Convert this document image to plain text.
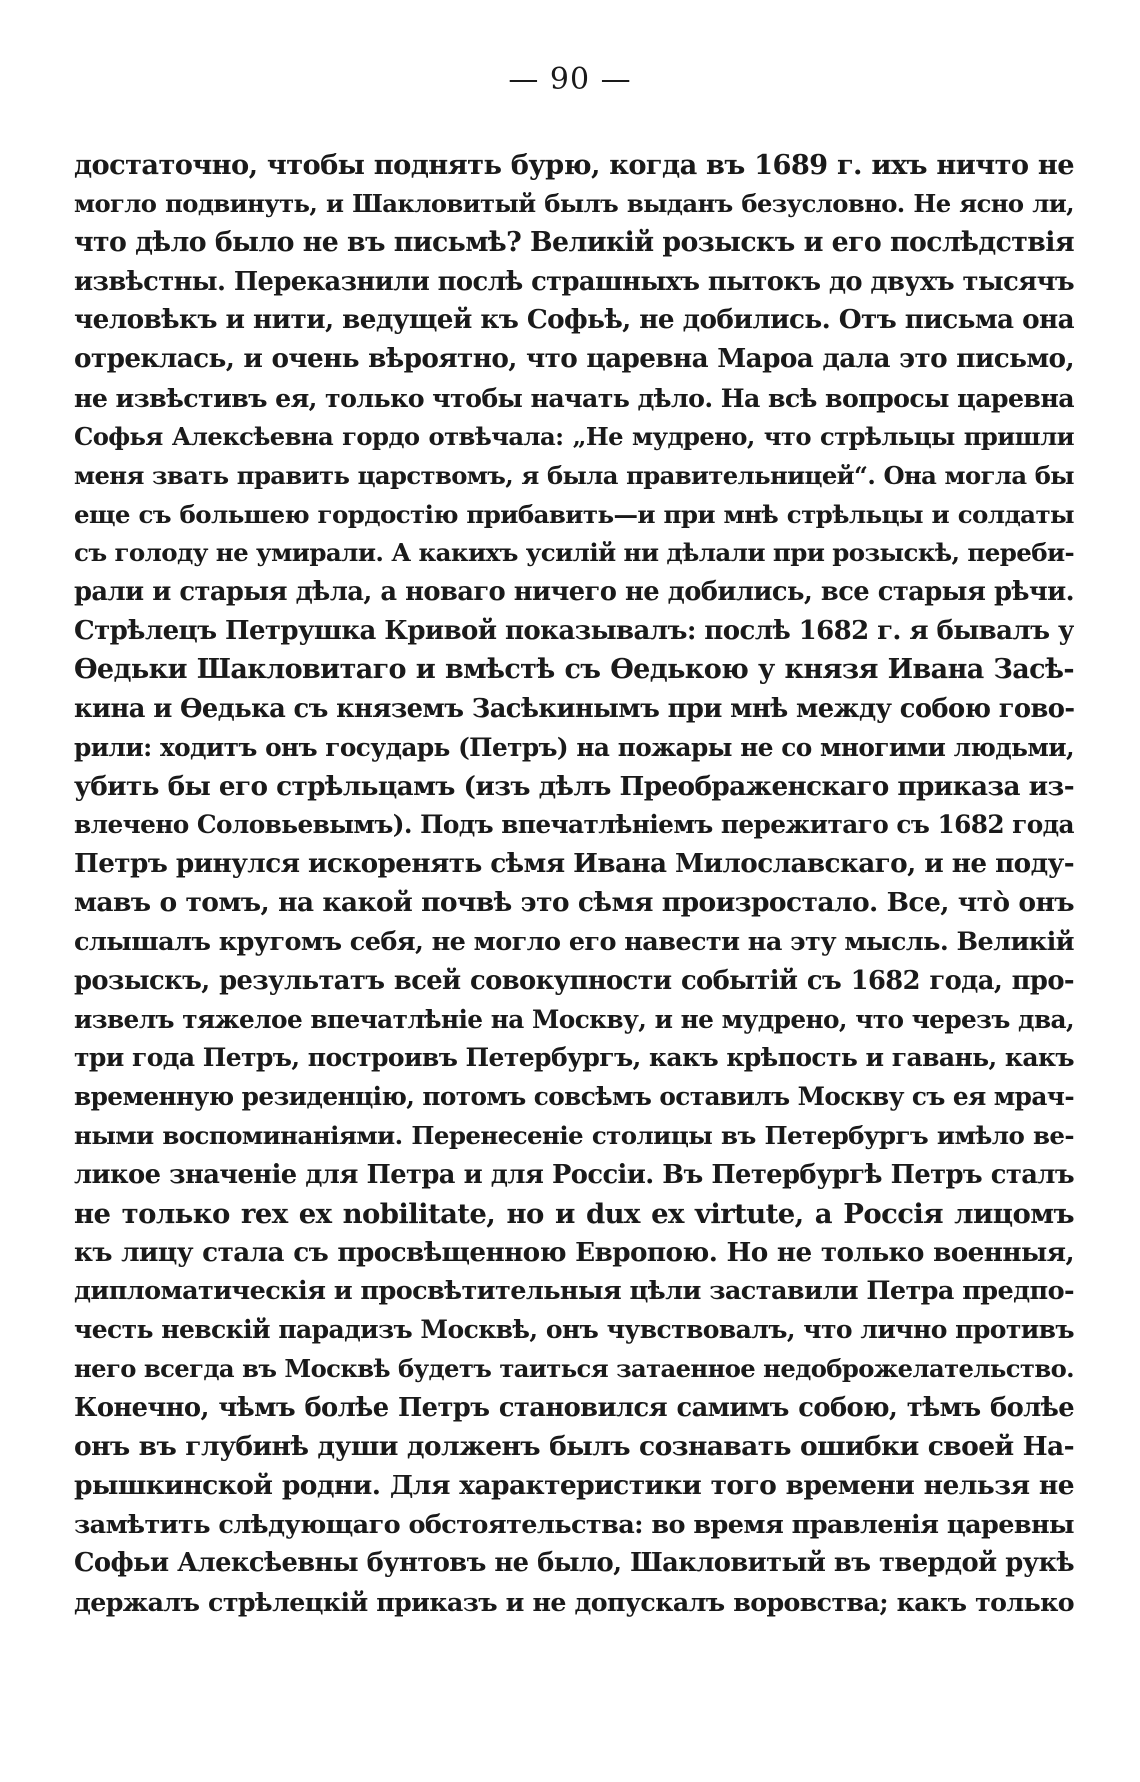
— 90 —
достаточно, чтобы поднять бурю, когда въ 1689 г. ихъ ничто не
могло подвинуть, и Шакловитый былъ выданъ безусловно. Не ясно ли,
что дѣло было не въ письмѣ? Великій розыскъ и его послѣдствія
извѣстны. Переказнили послѣ страшныхъ пытокъ до двухъ тысячъ
человѣкъ и нити, ведущей къ Софьѣ, не добились. Отъ письма она
отреклась, и очень вѣроятно, что царевна Мароа дала это письмо,
не извѣстивъ ея, только чтобы начать дѣло. На всѣ вопросы царевна
Софья Алексѣевна гордо отвѣчала: „Не мудрено, что стрѣльцы пришли
меня звать править царствомъ, я была правительницей“. Она могла бы
еще съ большею гордостію прибавить—и при мнѣ стрѣльцы и солдаты
съ голоду не умирали. А какихъ усилій ни дѣлали при розыскѣ, переби-
рали и старыя дѣла, а новаго ничего не добились, все старыя рѣчи.
Стрѣлецъ Петрушка Кривой показывалъ: послѣ 1682 г. я бывалъ у
Ѳедьки Шакловитаго и вмѣстѣ съ Ѳедькою у князя Ивана Засѣ-
кина и Ѳедька съ княземъ Засѣкинымъ при мнѣ между собою гово-
рили: ходитъ онъ государь (Петръ) на пожары не со многими людьми,
убить бы его стрѣльцамъ (изъ дѣлъ Преображенскаго приказа из-
влечено Соловьевымъ). Подъ впечатлѣніемъ пережитаго съ 1682 года
Петръ ринулся искоренять сѣмя Ивана Милославскаго, и не поду-
мавъ о томъ, на какой почвѣ это сѣмя произростало. Все, что̀ онъ
слышалъ кругомъ себя, не могло его навести на эту мысль. Великій
розыскъ, результатъ всей совокупности событій съ 1682 года, про-
извелъ тяжелое впечатлѣніе на Москву, и не мудрено, что черезъ два,
три года Петръ, построивъ Петербургъ, какъ крѣпость и гавань, какъ
временную резиденцію, потомъ совсѣмъ оставилъ Москву съ ея мрач-
ными воспоминаніями. Перенесеніе столицы въ Петербургъ имѣло ве-
ликое значеніе для Петра и для Россіи. Въ Петербургѣ Петръ сталъ
не только rex ex nobilitate, но и dux ex virtute, а Россія лицомъ
къ лицу стала съ просвѣщенною Европою. Но не только военныя,
дипломатическія и просвѣтительныя цѣли заставили Петра предпо-
честь невскій парадизъ Москвѣ, онъ чувствовалъ, что лично противъ
него всегда въ Москвѣ будетъ таиться затаенное недоброжелательство.
Конечно, чѣмъ болѣе Петръ становился самимъ собою, тѣмъ болѣе
онъ въ глубинѣ души долженъ былъ сознавать ошибки своей На-
рышкинской родни. Для характеристики того времени нельзя не
замѣтить слѣдующаго обстоятельства: во время правленія царевны
Софьи Алексѣевны бунтовъ не было, Шакловитый въ твердой рукѣ
держалъ стрѣлецкій приказъ и не допускалъ воровства; какъ только
